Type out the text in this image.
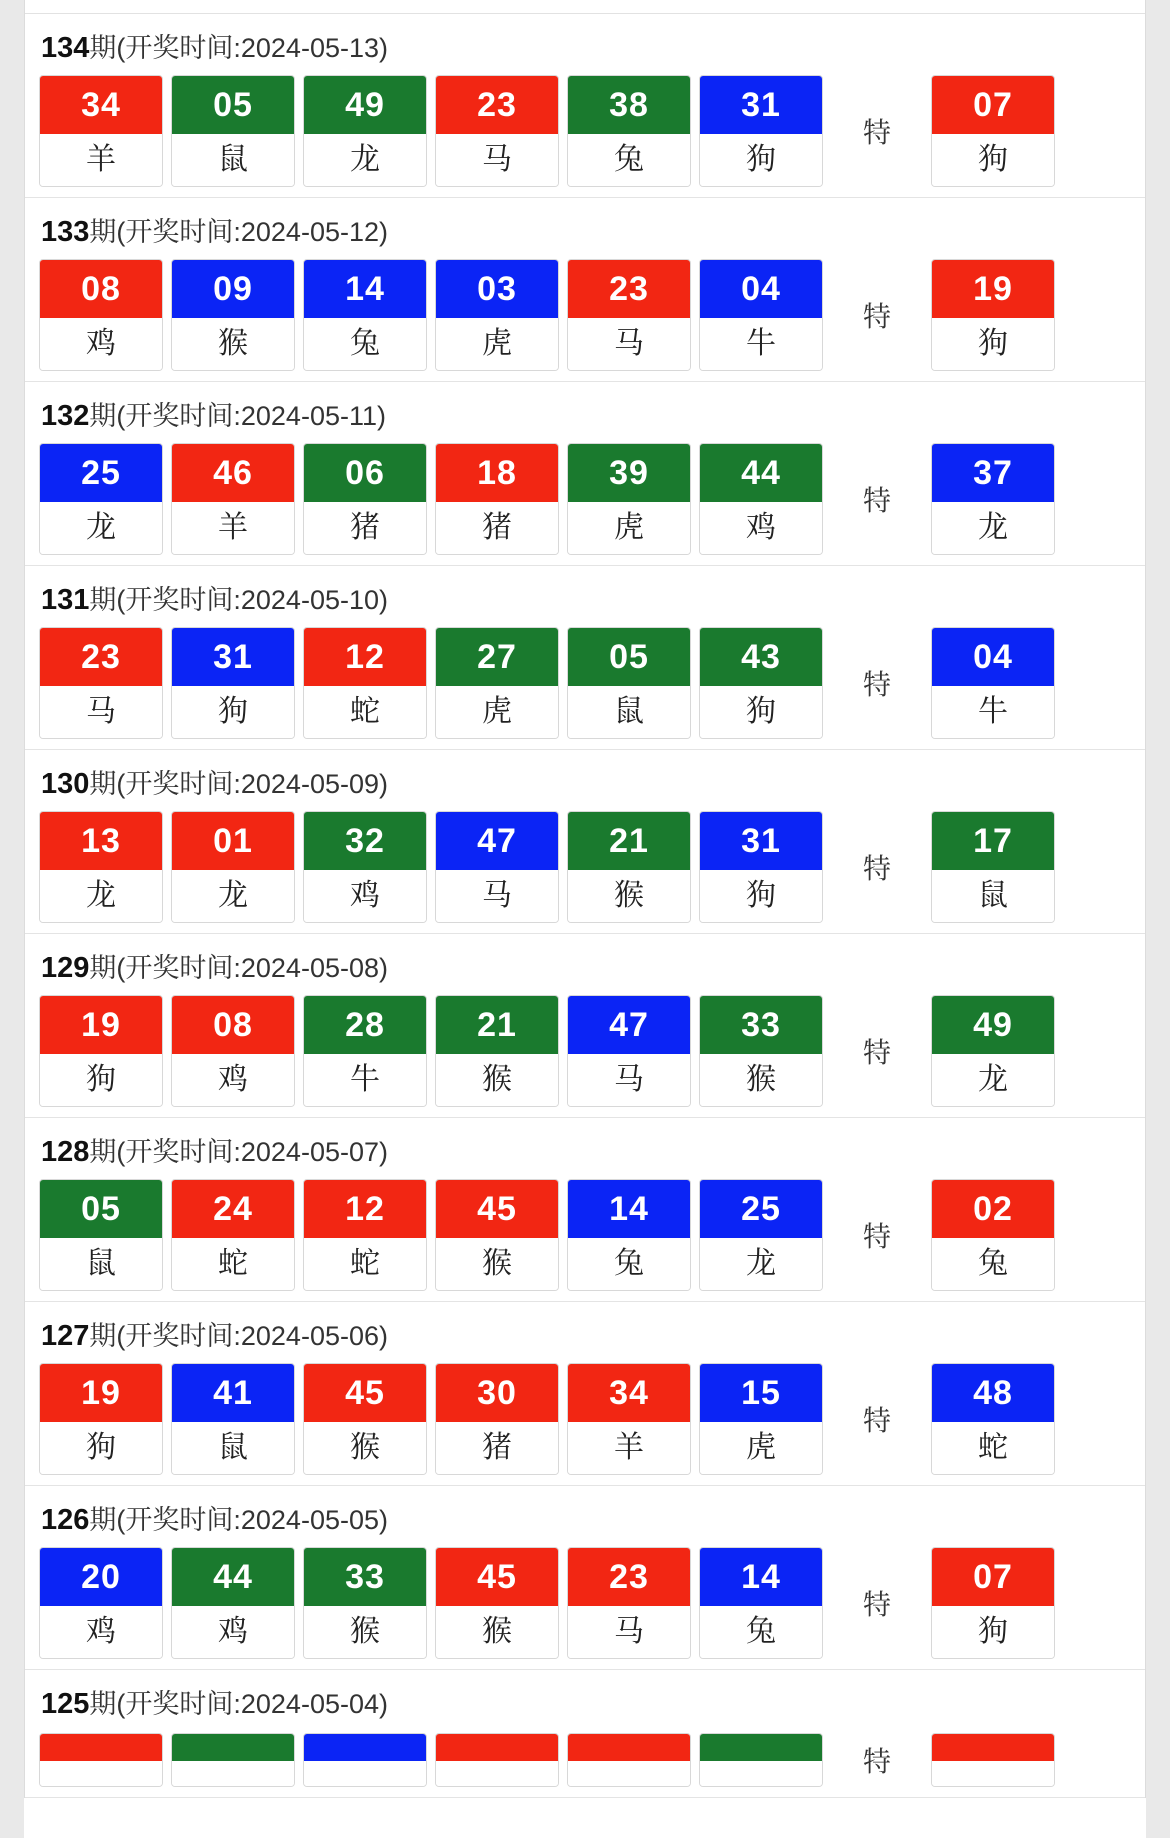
134期(开奖时间:2024-05-13)
34
羊
05
鼠
49
龙
23
马
38
兔
31
狗
特
07
狗
133期(开奖时间:2024-05-12)
08
鸡
09
猴
14
兔
03
虎
23
马
04
牛
特
19
狗
132期(开奖时间:2024-05-11)
25
龙
46
羊
06
猪
18
猪
39
虎
44
鸡
特
37
龙
131期(开奖时间:2024-05-10)
23
马
31
狗
12
蛇
27
虎
05
鼠
43
狗
特
04
牛
130期(开奖时间:2024-05-09)
13
龙
01
龙
32
鸡
47
马
21
猴
31
狗
特
17
鼠
129期(开奖时间:2024-05-08)
19
狗
08
鸡
28
牛
21
猴
47
马
33
猴
特
49
龙
128期(开奖时间:2024-05-07)
05
鼠
24
蛇
12
蛇
45
猴
14
兔
25
龙
特
02
兔
127期(开奖时间:2024-05-06)
19
狗
41
鼠
45
猴
30
猪
34
羊
15
虎
特
48
蛇
126期(开奖时间:2024-05-05)
20
鸡
44
鸡
33
猴
45
猴
23
马
14
兔
特
07
狗
125期(开奖时间:2024-05-04)
特
